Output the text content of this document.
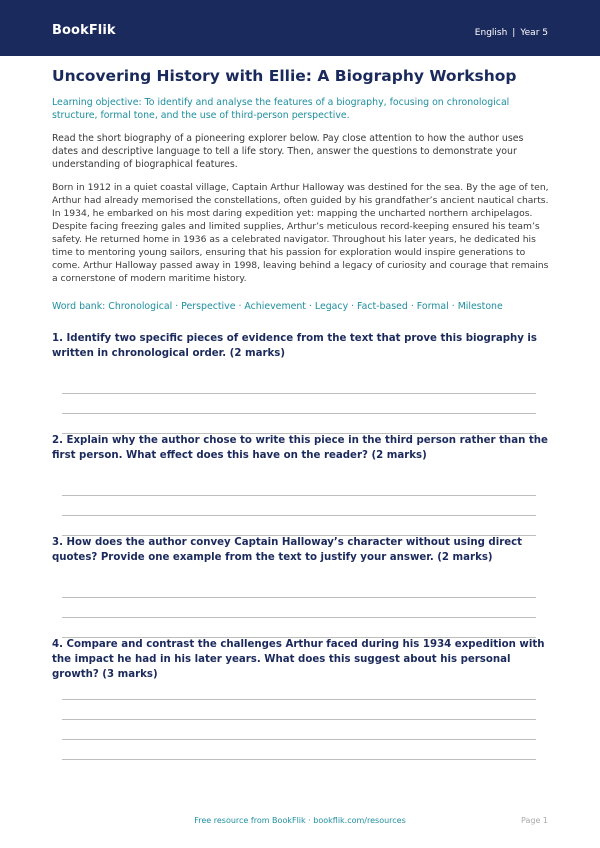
BookFlik	English | Year 5
Uncovering History with Ellie: A Biography Workshop

Learning objective: To identify and analyse the features of a biography, focusing on chronological structure, formal tone, and the use of third-person perspective.

Read the short biography of a pioneering explorer below. Pay close attention to how the author uses dates and descriptive language to tell a life story. Then, answer the questions to demonstrate your understanding of biographical features.

Born in 1912 in a quiet coastal village, Captain Arthur Halloway was destined for the sea. By the age of ten, Arthur had already memorised the constellations, often guided by his grandfather’s ancient nautical charts. In 1934, he embarked on his most daring expedition yet: mapping the uncharted northern archipelagos. Despite facing freezing gales and limited supplies, Arthur’s meticulous record-keeping ensured his team’s safety. He returned home in 1936 as a celebrated navigator. Throughout his later years, he dedicated his time to mentoring young sailors, ensuring that his passion for exploration would inspire generations to come. Arthur Halloway passed away in 1998, leaving behind a legacy of curiosity and courage that remains a cornerstone of modern maritime history.

Word bank: Chronological · Perspective · Achievement · Legacy · Fact-based · Formal · Milestone

1. Identify two specific pieces of evidence from the text that prove this biography is written in chronological order. (2 marks)

2. Explain why the author chose to write this piece in the third person rather than the first person. What effect does this have on the reader? (2 marks)

3. How does the author convey Captain Halloway’s character without using direct quotes? Provide one example from the text to justify your answer. (2 marks)

4. Compare and contrast the challenges Arthur faced during his 1934 expedition with the impact he had in his later years. What does this suggest about his personal growth? (3 marks)

Free resource from BookFlik · bookflik.com/resources	Page 1
